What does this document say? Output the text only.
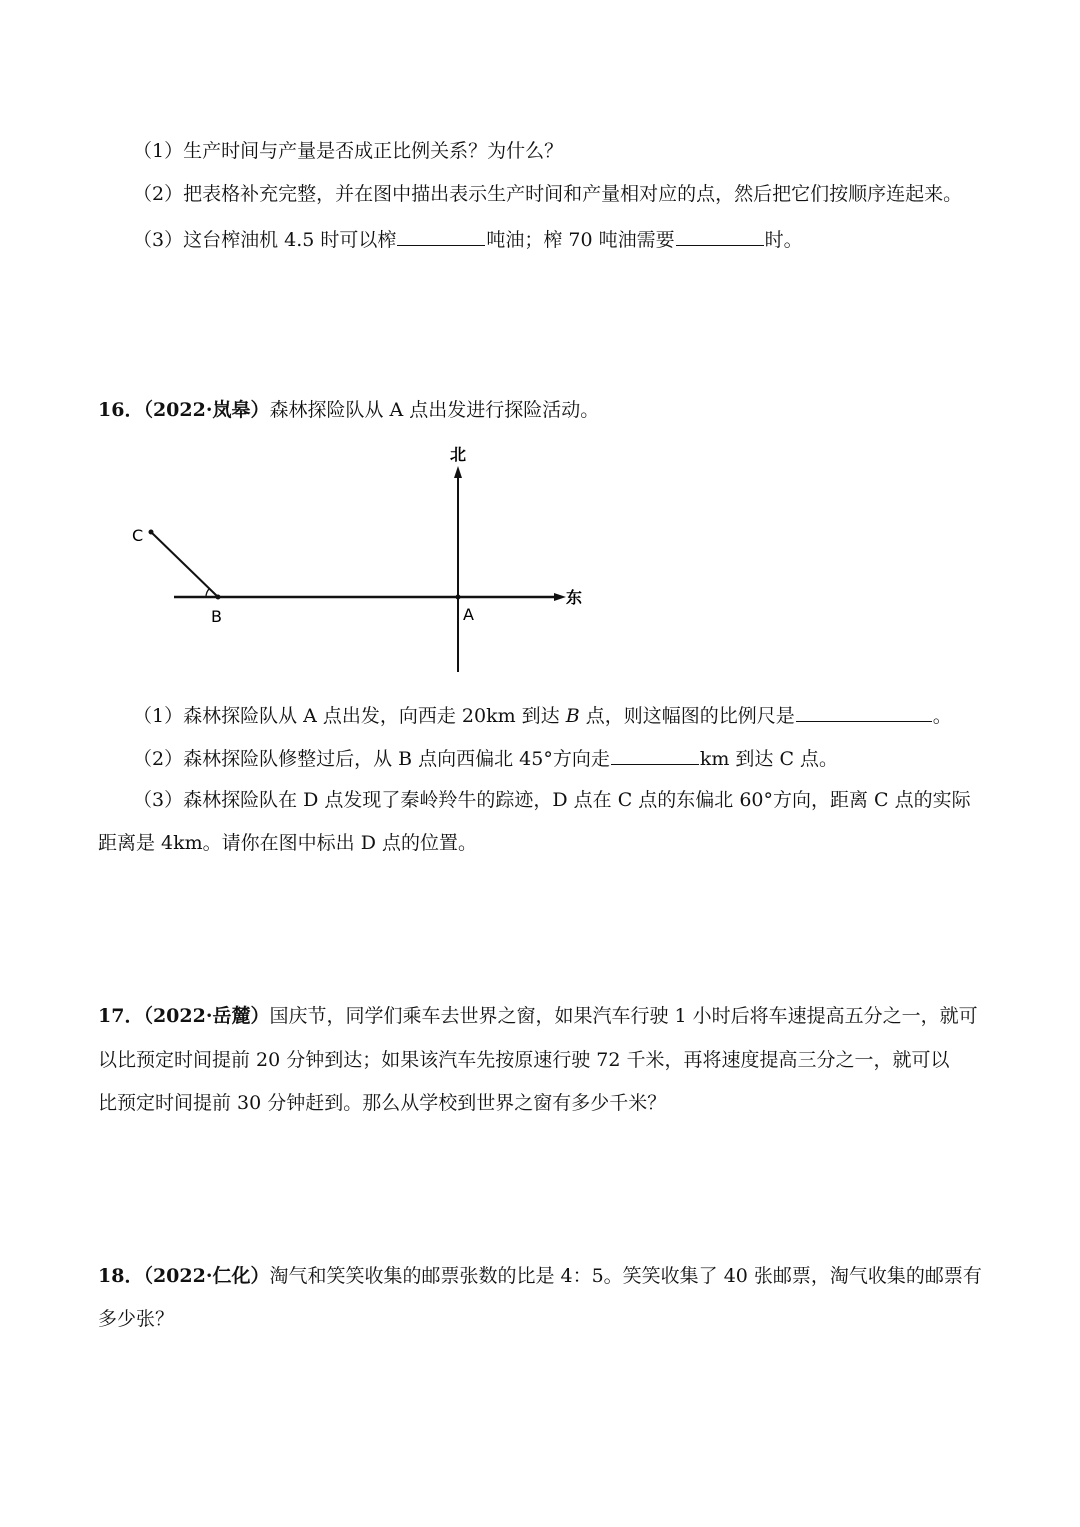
（1）生产时间与产量是否成正比例关系？为什么？
（2）把表格补充完整，并在图中描出表示生产时间和产量相对应的点，然后把它们按顺序连起来。
（3）这台榨油机 4.5 时可以榨	吨油；榨 70 吨油需要	时。
16．（2022·岚皋）森林探险队从 A 点出发进行探险活动。
北
东
A
B
C
（1）森林探险队从 A 点出发，向西走 20km 到达 B 点，则这幅图的比例尺是	。
（2）森林探险队修整过后，从 B 点向西偏北 45°方向走	km 到达 C 点。
（3）森林探险队在 D 点发现了秦岭羚牛的踪迹，D 点在 C 点的东偏北 60°方向，距离 C 点的实际
距离是 4km。请你在图中标出 D 点的位置。
17．（2022·岳麓）国庆节，同学们乘车去世界之窗，如果汽车行驶 1 小时后将车速提高五分之一，就可
以比预定时间提前 20 分钟到达；如果该汽车先按原速行驶 72 千米，再将速度提高三分之一，就可以
比预定时间提前 30 分钟赶到。那么从学校到世界之窗有多少千米？
18．（2022·仁化）淘气和笑笑收集的邮票张数的比是 4：5。笑笑收集了 40 张邮票，淘气收集的邮票有
多少张？
